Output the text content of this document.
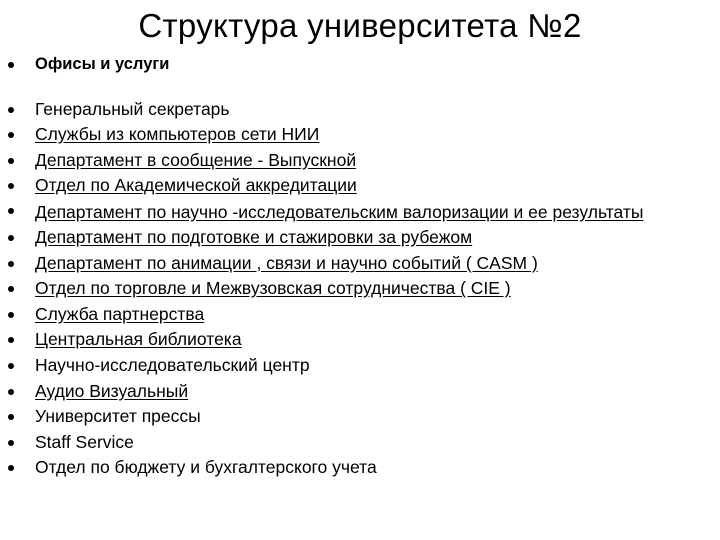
Структура университета №2
Офисы и услуги
Генеральный секретарь
Службы из компьютеров сети НИИ
Департамент в сообщение - Выпускной
Отдел по Академической аккредитации
Департамент по научно -исследовательским валоризации и ее результаты
Департамент по подготовке и стажировки за рубежом
Департамент по анимации , связи и научно событий ( CASM )
Отдел по торговле и Межвузовская сотрудничества ( CIE )
Служба партнерства
Центральная библиотека
Научно-исследовательский центр
Аудио Визуальный
Университет прессы
Staff Service
Отдел по бюджету и бухгалтерского учета
